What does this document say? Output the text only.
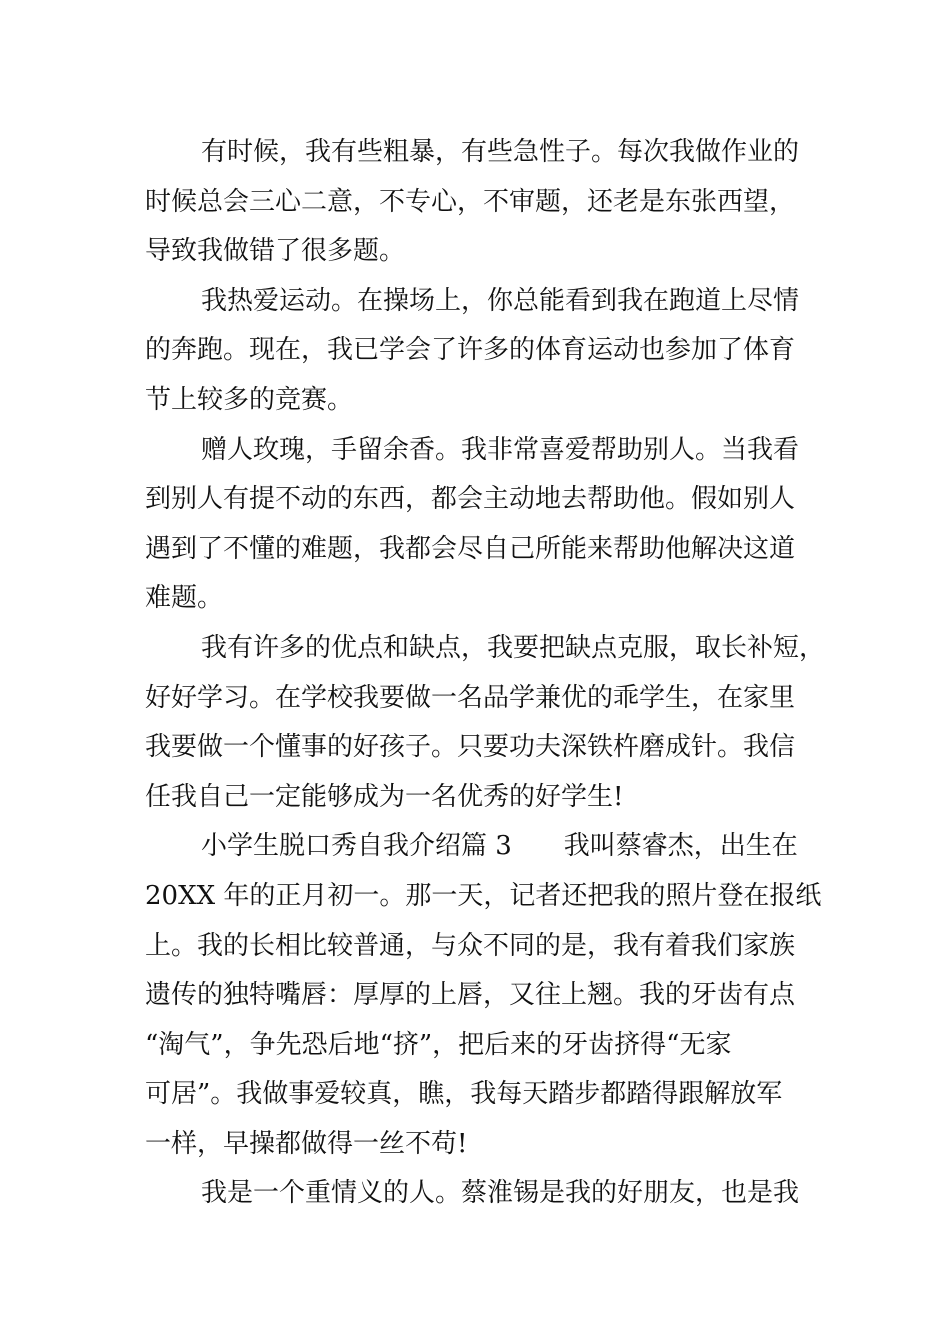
有时候，我有些粗暴，有些急性子。每次我做作业的
时候总会三心二意，不专心，不审题，还老是东张西望，
导致我做错了很多题。
我热爱运动。在操场上，你总能看到我在跑道上尽情
的奔跑。现在，我已学会了许多的体育运动也参加了体育
节上较多的竞赛。
赠人玫瑰，手留余香。我非常喜爱帮助别人。当我看
到别人有提不动的东西，都会主动地去帮助他。假如别人
遇到了不懂的难题，我都会尽自己所能来帮助他解决这道
难题。
我有许多的优点和缺点，我要把缺点克服，取长补短，
好好学习。在学校我要做一名品学兼优的乖学生，在家里
我要做一个懂事的好孩子。只要功夫深铁杵磨成针。我信
任我自己一定能够成为一名优秀的好学生!
小学生脱口秀自我介绍篇 3　　我叫蔡睿杰，出生在
20XX 年的正月初一。那一天，记者还把我的照片登在报纸
上。我的长相比较普通，与众不同的是，我有着我们家族
遗传的独特嘴唇：厚厚的上唇，又往上翘。我的牙齿有点
“淘气”，争先恐后地“挤”，把后来的牙齿挤得“无家
可居”。我做事爱较真，瞧，我每天踏步都踏得跟解放军
一样，早操都做得一丝不苟!
我是一个重情义的人。蔡淮锡是我的好朋友，也是我
